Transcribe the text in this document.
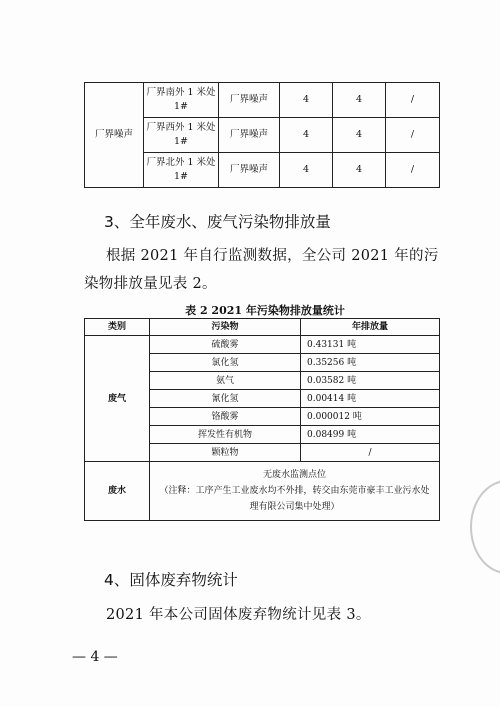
厂界噪声	厂界南外 1 米处 1#	厂界噪声	4	4	/
	厂界西外 1 米处 1#	厂界噪声	4	4	/
	厂界北外 1 米处 1#	厂界噪声	4	4	/
3、全年废水、废气污染物排放量
根据 2021 年自行监测数据，全公司 2021 年的污染物排放量见表 2。
表 2 2021 年污染物排放量统计
类别	污染物	年排放量
废气	硫酸雾	0.43131 吨
	氯化氢	0.35256 吨
	氨气	0.03582 吨
	氰化氢	0.00414 吨
	铬酸雾	0.000012 吨
	挥发性有机物	0.08499 吨
	颗粒物	/
废水	无废水监测点位
（注释：工序产生工业废水均不外排，转交由东莞市豪丰工业污水处理有限公司集中处理）	
4、固体废弃物统计
2021 年本公司固体废弃物统计见表 3。
— 4 —
